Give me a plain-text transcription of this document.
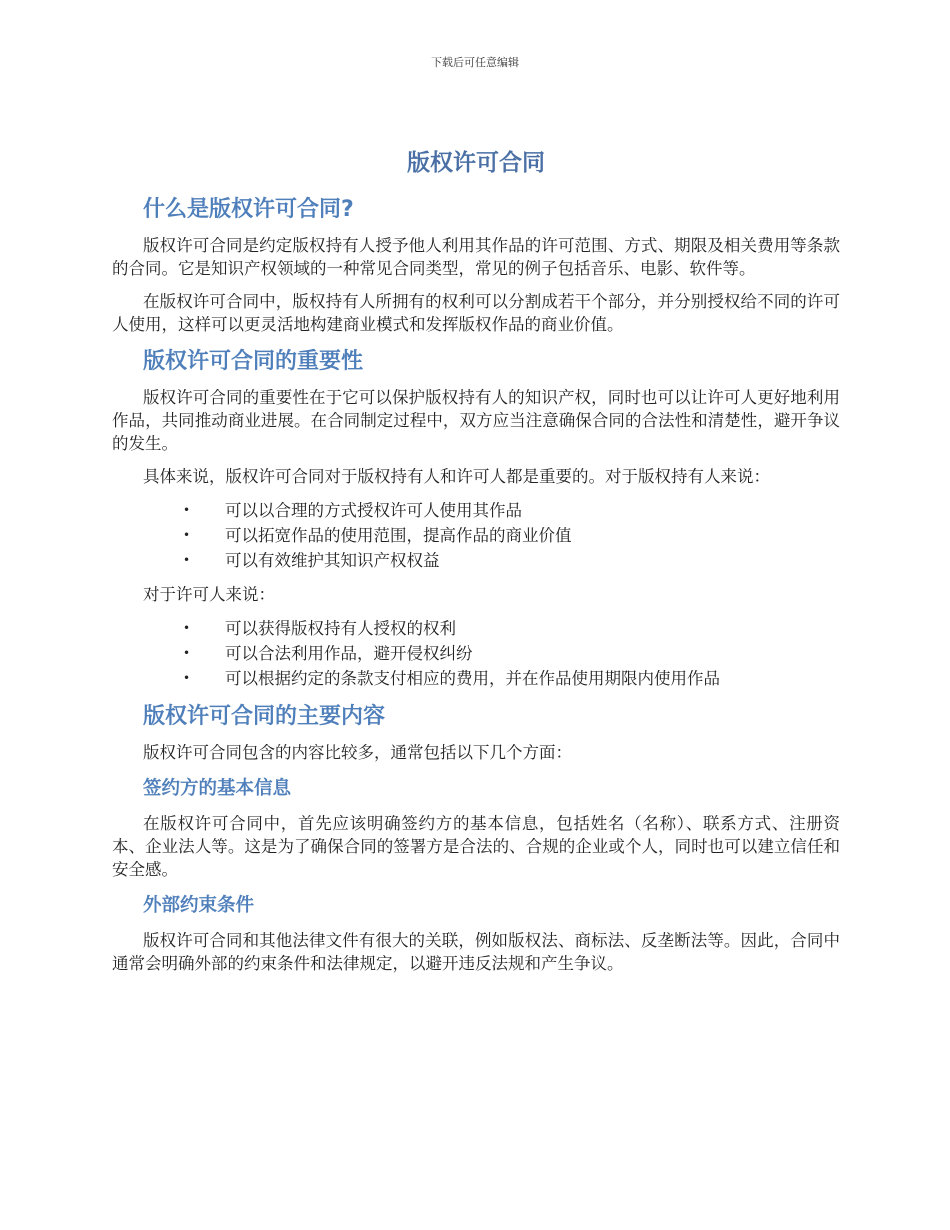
下载后可任意编辑
版权许可合同
什么是版权许可合同?

版权许可合同是约定版权持有人授予他人利用其作品的许可范围、方式、期限及相关费用等条款的合同。它是知识产权领域的一种常见合同类型，常见的例子包括音乐、电影、软件等。

在版权许可合同中，版权持有人所拥有的权利可以分割成若干个部分，并分别授权给不同的许可人使用，这样可以更灵活地构建商业模式和发挥版权作品的商业价值。

版权许可合同的重要性

版权许可合同的重要性在于它可以保护版权持有人的知识产权，同时也可以让许可人更好地利用作品，共同推动商业进展。在合同制定过程中，双方应当注意确保合同的合法性和清楚性，避开争议的发生。

具体来说，版权许可合同对于版权持有人和许可人都是重要的。对于版权持有人来说：

• 可以以合理的方式授权许可人使用其作品
• 可以拓宽作品的使用范围，提高作品的商业价值
• 可以有效维护其知识产权权益

对于许可人来说：

• 可以获得版权持有人授权的权利
• 可以合法利用作品，避开侵权纠纷
• 可以根据约定的条款支付相应的费用，并在作品使用期限内使用作品
版权许可合同的主要内容

版权许可合同包含的内容比较多，通常包括以下几个方面：

签约方的基本信息

在版权许可合同中，首先应该明确签约方的基本信息，包括姓名（名称）、联系方式、注册资本、企业法人等。这是为了确保合同的签署方是合法的、合规的企业或个人，同时也可以建立信任和安全感。

外部约束条件

版权许可合同和其他法律文件有很大的关联，例如版权法、商标法、反垄断法等。因此，合同中通常会明确外部的约束条件和法律规定，以避开违反法规和产生争议。
